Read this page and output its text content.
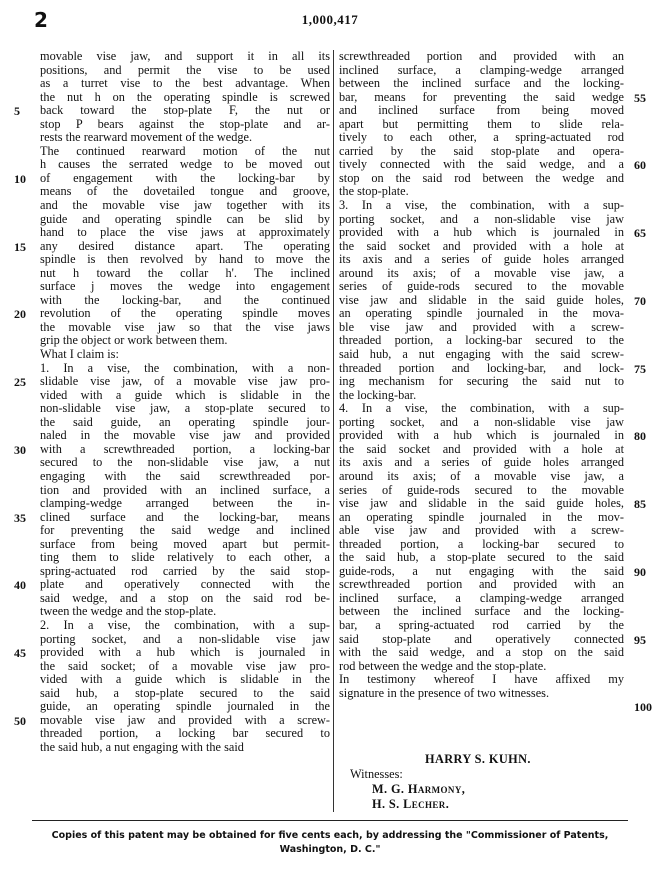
2	1,000,417
movable vise jaw, and support it in all its
positions, and permit the vise to be used
as a turret vise to the best advantage. When
the nut h on the operating spindle is screwed
back toward the stop-plate F, the nut or
stop P bears against the stop-plate and ar-
rests the rearward movement of the wedge.
The continued rearward motion of the nut
h causes the serrated wedge to be moved out
of engagement with the locking-bar by
means of the dovetailed tongue and groove,
and the movable vise jaw together with its
guide and operating spindle can be slid by
hand to place the vise jaws at approximately
any desired distance apart. The operating
spindle is then revolved by hand to move the
nut h toward the collar h'. The inclined
surface j moves the wedge into engagement
with the locking-bar, and the continued
revolution of the operating spindle moves
the movable vise jaw so that the vise jaws
grip the object or work between them.
What I claim is:
1. In a vise, the combination, with a non-
slidable vise jaw, of a movable vise jaw pro-
vided with a guide which is slidable in the
non-slidable vise jaw, a stop-plate secured to
the said guide, an operating spindle jour-
naled in the movable vise jaw and provided
with a screwthreaded portion, a locking-bar
secured to the non-slidable vise jaw, a nut
engaging with the said screwthreaded por-
tion and provided with an inclined surface, a
clamping-wedge arranged between the in-
clined surface and the locking-bar, means
for preventing the said wedge and inclined
surface from being moved apart but permit-
ting them to slide relatively to each other, a
spring-actuated rod carried by the said stop-
plate and operatively connected with the
said wedge, and a stop on the said rod be-
tween the wedge and the stop-plate.
2. In a vise, the combination, with a sup-
porting socket, and a non-slidable vise jaw
provided with a hub which is journaled in
the said socket; of a movable vise jaw pro-
vided with a guide which is slidable in the
said hub, a stop-plate secured to the said
guide, an operating spindle journaled in the
movable vise jaw and provided with a screw-
threaded portion, a locking bar secured to
the said hub, a nut engaging with the said
screwthreaded portion and provided with an
inclined surface, a clamping-wedge arranged
between the inclined surface and the locking-
bar, means for preventing the said wedge
and inclined surface from being moved
apart but permitting them to slide rela-
tively to each other, a spring-actuated rod
carried by the said stop-plate and opera-
tively connected with the said wedge, and a
stop on the said rod between the wedge and
the stop-plate.
3. In a vise, the combination, with a sup-
porting socket, and a non-slidable vise jaw
provided with a hub which is journaled in
the said socket and provided with a hole at
its axis and a series of guide holes arranged
around its axis; of a movable vise jaw, a
series of guide-rods secured to the movable
vise jaw and slidable in the said guide holes,
an operating spindle journaled in the mova-
ble vise jaw and provided with a screw-
threaded portion, a locking-bar secured to the
said hub, a nut engaging with the said screw-
threaded portion and locking-bar, and lock-
ing mechanism for securing the said nut to
the locking-bar.
4. In a vise, the combination, with a sup-
porting socket, and a non-slidable vise jaw
provided with a hub which is journaled in
the said socket and provided with a hole at
its axis and a series of guide holes arranged
around its axis; of a movable vise jaw, a
series of guide-rods secured to the movable
vise jaw and slidable in the said guide holes,
an operating spindle journaled in the mov-
able vise jaw and provided with a screw-
threaded portion, a locking-bar secured to
the said hub, a stop-plate secured to the said
guide-rods, a nut engaging with the said
screwthreaded portion and provided with an
inclined surface, a clamping-wedge arranged
between the inclined surface and the locking-
bar, a spring-actuated rod carried by the
said stop-plate and operatively connected
with the said wedge, and a stop on the said
rod between the wedge and the stop-plate.
In testimony whereof I have affixed my
signature in the presence of two witnesses.
5
10
15
20
25
30
35
40
45
50
55
60
65
70
75
80
85
90
95
100
HARRY S. KUHN.
Witnesses:
M. G. Harmony,
H. S. Lecher.
Copies of this patent may be obtained for five cents each, by addressing the "Commissioner of Patents,
Washington, D. C."
